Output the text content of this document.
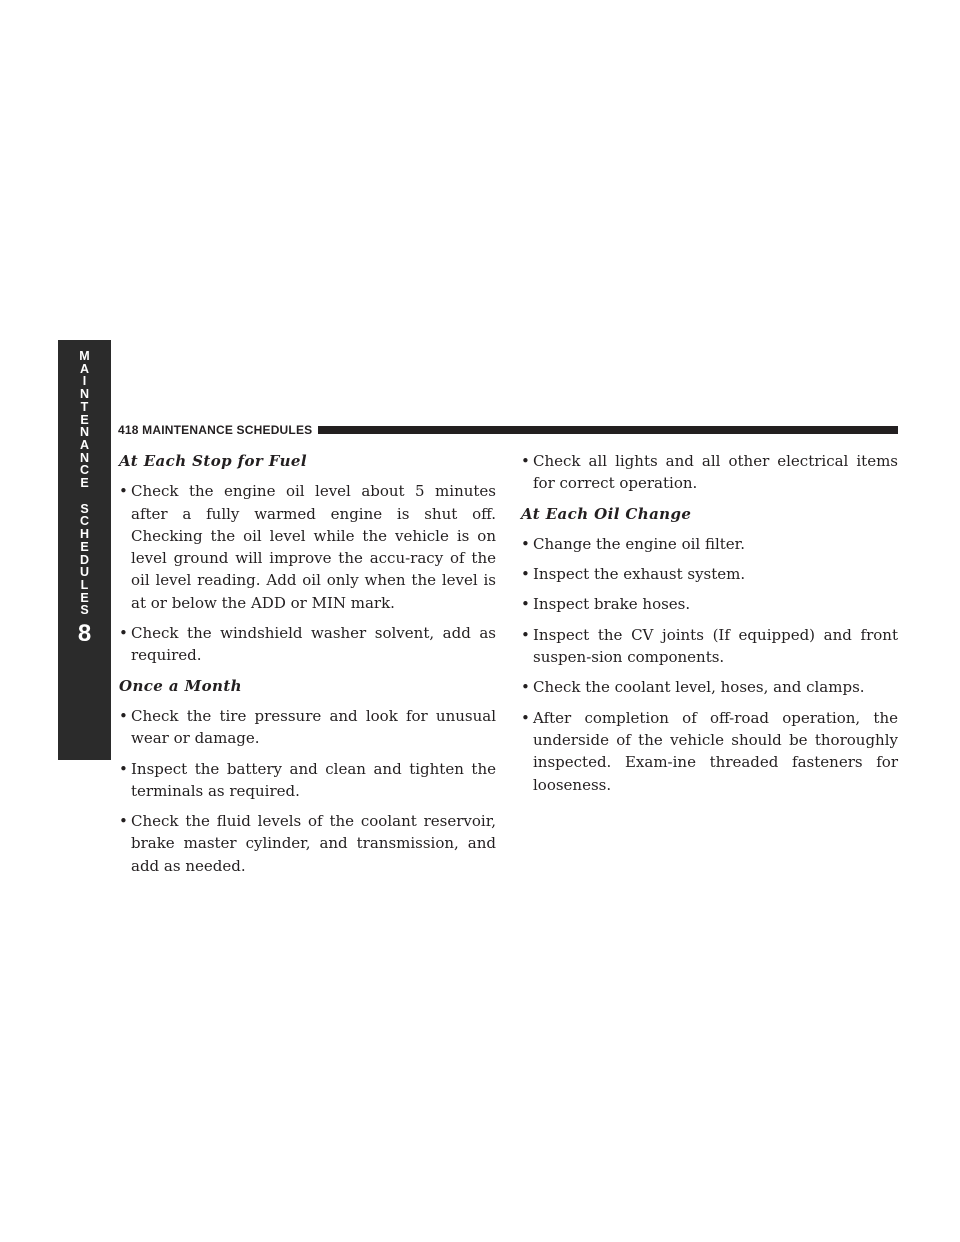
M
A
I
N
T
E
N
A
N
C
E
S
C
H
E
D
U
L
E
S
8
418 MAINTENANCE SCHEDULES

At Each Stop for Fuel

• Check the engine oil level about 5 minutes after a fully warmed engine is shut off. Checking the oil level while the vehicle is on level ground will improve the accu-racy of the oil level reading. Add oil only when the level is at or below the ADD or MIN mark.
• Check the windshield washer solvent, add as required.

Once a Month

• Check the tire pressure and look for unusual wear or damage.
• Inspect the battery and clean and tighten the terminals as required.
• Check the fluid levels of the coolant reservoir, brake master cylinder, and transmission, and add as needed.
• Check all lights and all other electrical items for correct operation.

At Each Oil Change

• Change the engine oil filter.
• Inspect the exhaust system.
• Inspect brake hoses.
• Inspect the CV joints (If equipped) and front suspen-sion components.
• Check the coolant level, hoses, and clamps.
• After completion of off-road operation, the underside of the vehicle should be thoroughly inspected. Exam-ine threaded fasteners for looseness.
